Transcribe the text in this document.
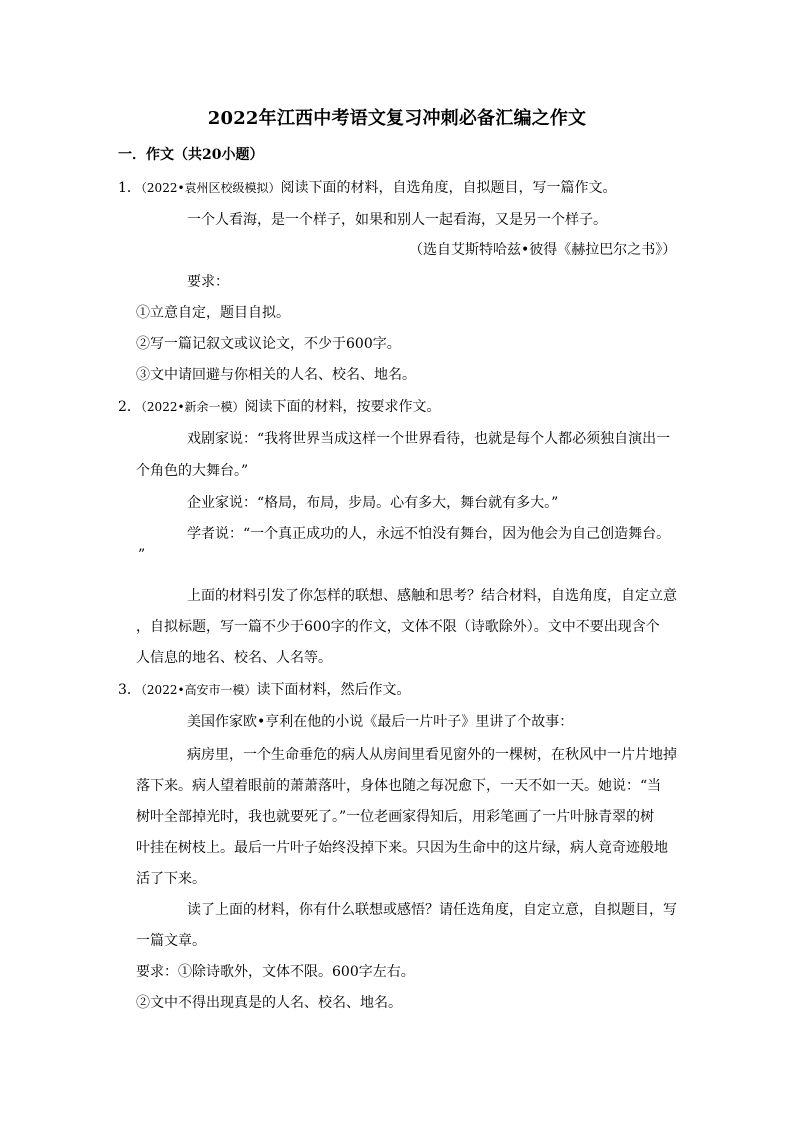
2022年江西中考语文复习冲刺必备汇编之作文
一．作文（共20小题）
1．（2022•袁州区校级模拟）阅读下面的材料，自选角度，自拟题目，写一篇作文。
一个人看海，是一个样子，如果和别人一起看海，又是另一个样子。
（选自艾斯特哈兹•彼得《赫拉巴尔之书》）
要求：
①立意自定，题目自拟。
②写一篇记叙文或议论文，不少于600字。
③文中请回避与你相关的人名、校名、地名。
2．（2022•新余一模）阅读下面的材料，按要求作文。
戏剧家说：“我将世界当成这样一个世界看待，也就是每个人都必须独自演出一
个角色的大舞台。”
企业家说：“格局，布局，步局。心有多大，舞台就有多大。”
学者说：“一个真正成功的人，永远不怕没有舞台，因为他会为自己创造舞台。
”
上面的材料引发了你怎样的联想、感触和思考？结合材料，自选角度，自定立意
，自拟标题，写一篇不少于600字的作文，文体不限（诗歌除外）。文中不要出现含个
人信息的地名、校名、人名等。
3．（2022•高安市一模）读下面材料，然后作文。
美国作家欧•亨利在他的小说《最后一片叶子》里讲了个故事：
病房里，一个生命垂危的病人从房间里看见窗外的一棵树，在秋风中一片片地掉
落下来。病人望着眼前的萧萧落叶，身体也随之每况愈下，一天不如一天。她说：“当
树叶全部掉光时，我也就要死了。”一位老画家得知后，用彩笔画了一片叶脉青翠的树
叶挂在树枝上。最后一片叶子始终没掉下来。只因为生命中的这片绿，病人竟奇迹般地
活了下来。
读了上面的材料，你有什么联想或感悟？请任选角度，自定立意，自拟题目，写
一篇文章。
要求：①除诗歌外，文体不限。600字左右。
②文中不得出现真是的人名、校名、地名。
